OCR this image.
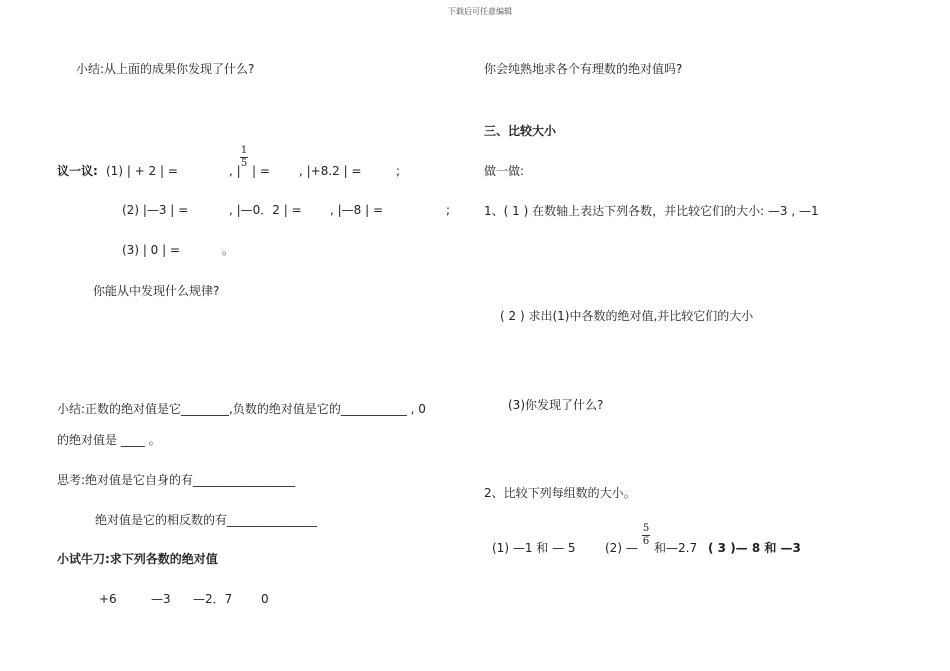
下载后可任意编辑
小结:从上面的成果你发现了什么?
议一议: (1) | + 2 | =	, |
1
5
| = , |+8.2 | =	;
(2) |—3 | =	, |—0．2 | = , |—8 | =	;
(3) | 0 | =	。
你能从中发现什么规律?
小结:正数的绝对值是它________,负数的绝对值是它的___________ , 0
的绝对值是 ____ 。
思考:绝对值是它自身的有_________________
绝对值是它的相反数的有_______________
小试牛刀:求下列各数的绝对值
+6	—3 —2．7 0
你会纯熟地求各个有理数的绝对值吗?
三、比较大小
做一做:
1、( 1 ) 在数轴上表达下列各数，并比较它们的大小: —3 , —1
( 2 ) 求出(1)中各数的绝对值,并比较它们的大小
(3)你发现了什么?
2、比较下列每组数的大小。
(1) —1 和 — 5 (2) —
5
6 和—2.7 ( 3 )— 8 和 —3
